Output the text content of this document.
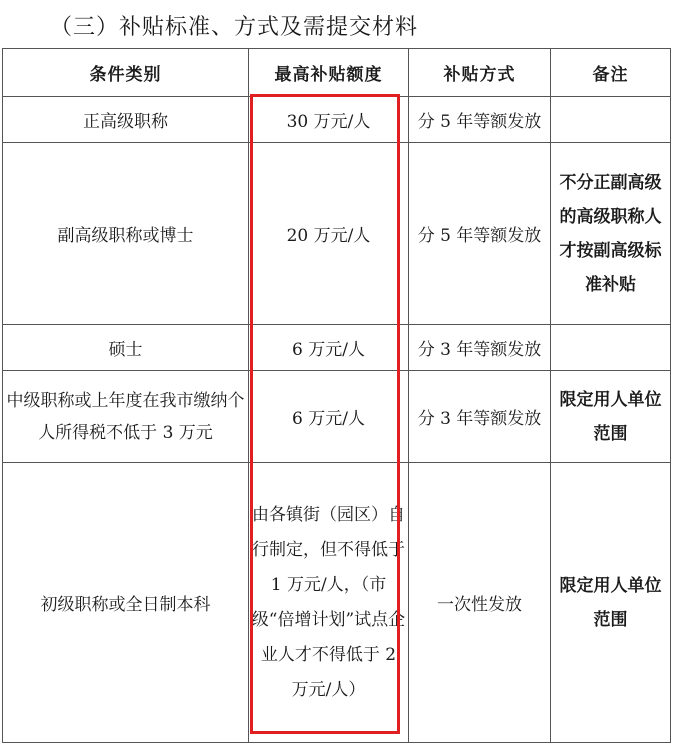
（三）补贴标准、方式及需提交材料
条件类别	最高补贴额度	补贴方式	备注
正高级职称	30 万元/人	分 5 年等额发放	
副高级职称或博士	20 万元/人	分 5 年等额发放	不分正副高级的高级职称人才按副高级标准补贴
硕士	6 万元/人	分 3 年等额发放	
中级职称或上年度在我市缴纳个人所得税不低于 3 万元	6 万元/人	分 3 年等额发放	限定用人单位范围
初级职称或全日制本科	由各镇街（园区）自行制定，但不得低于 1 万元/人，（市级“倍增计划”试点企业人才不得低于 2 万元/人）	一次性发放	限定用人单位范围
